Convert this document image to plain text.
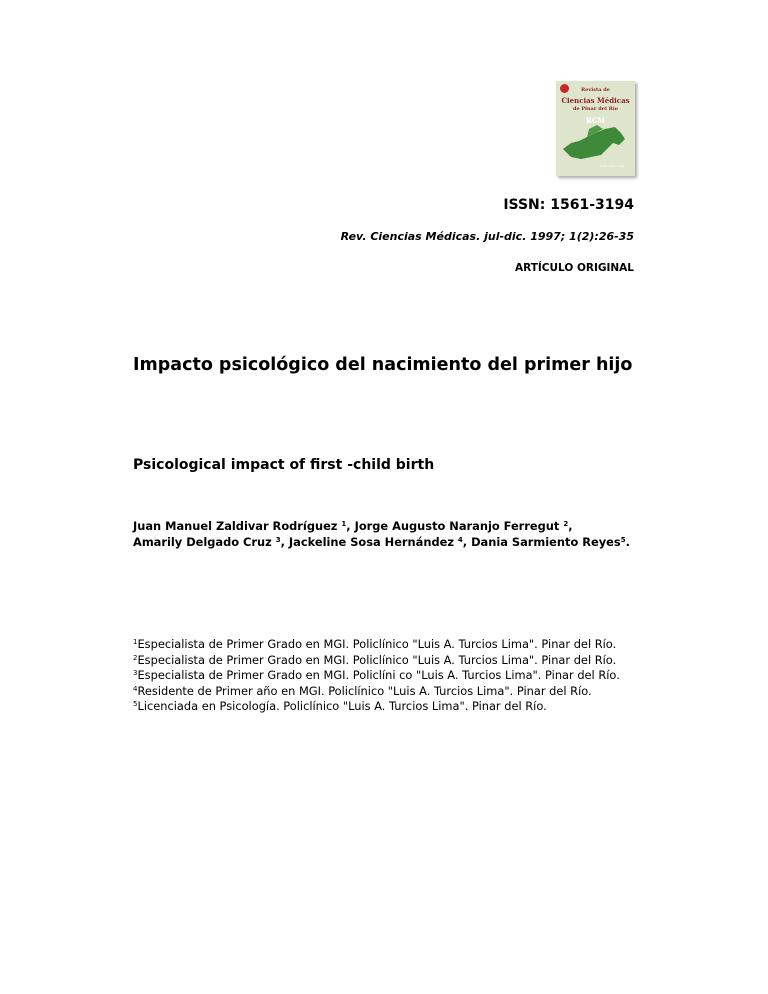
Revista de
Ciencias Médicas
de Pinar del Río
RCM
ISSN 1561-3194
ISSN: 1561-3194
Rev. Ciencias Médicas. jul-dic. 1997; 1(2):26-35
ARTÍCULO ORIGINAL
Impacto psicológico del nacimiento del primer hijo
Psicological impact of first -child birth
Juan Manuel Zaldivar Rodríguez $^1$, Jorge Augusto Naranjo Ferregut $^2$,
Amarily Delgado Cruz $^3$, Jackeline Sosa Hernández $^4$, Dania Sarmiento Reyes$^5$.
$^1$Especialista de Primer Grado en MGI. Policlínico "Luis A. Turcios Lima". Pinar del Río.
$^2$Especialista de Primer Grado en MGI. Policlínico "Luis A. Turcios Lima". Pinar del Río.
$^3$Especialista de Primer Grado en MGI. Policlíni co "Luis A. Turcios Lima". Pinar del Río.
$^4$Residente de Primer año en MGI. Policlínico "Luis A. Turcios Lima". Pinar del Río.
$^5$Licenciada en Psicología. Policlínico "Luis A. Turcios Lima". Pinar del Río.
